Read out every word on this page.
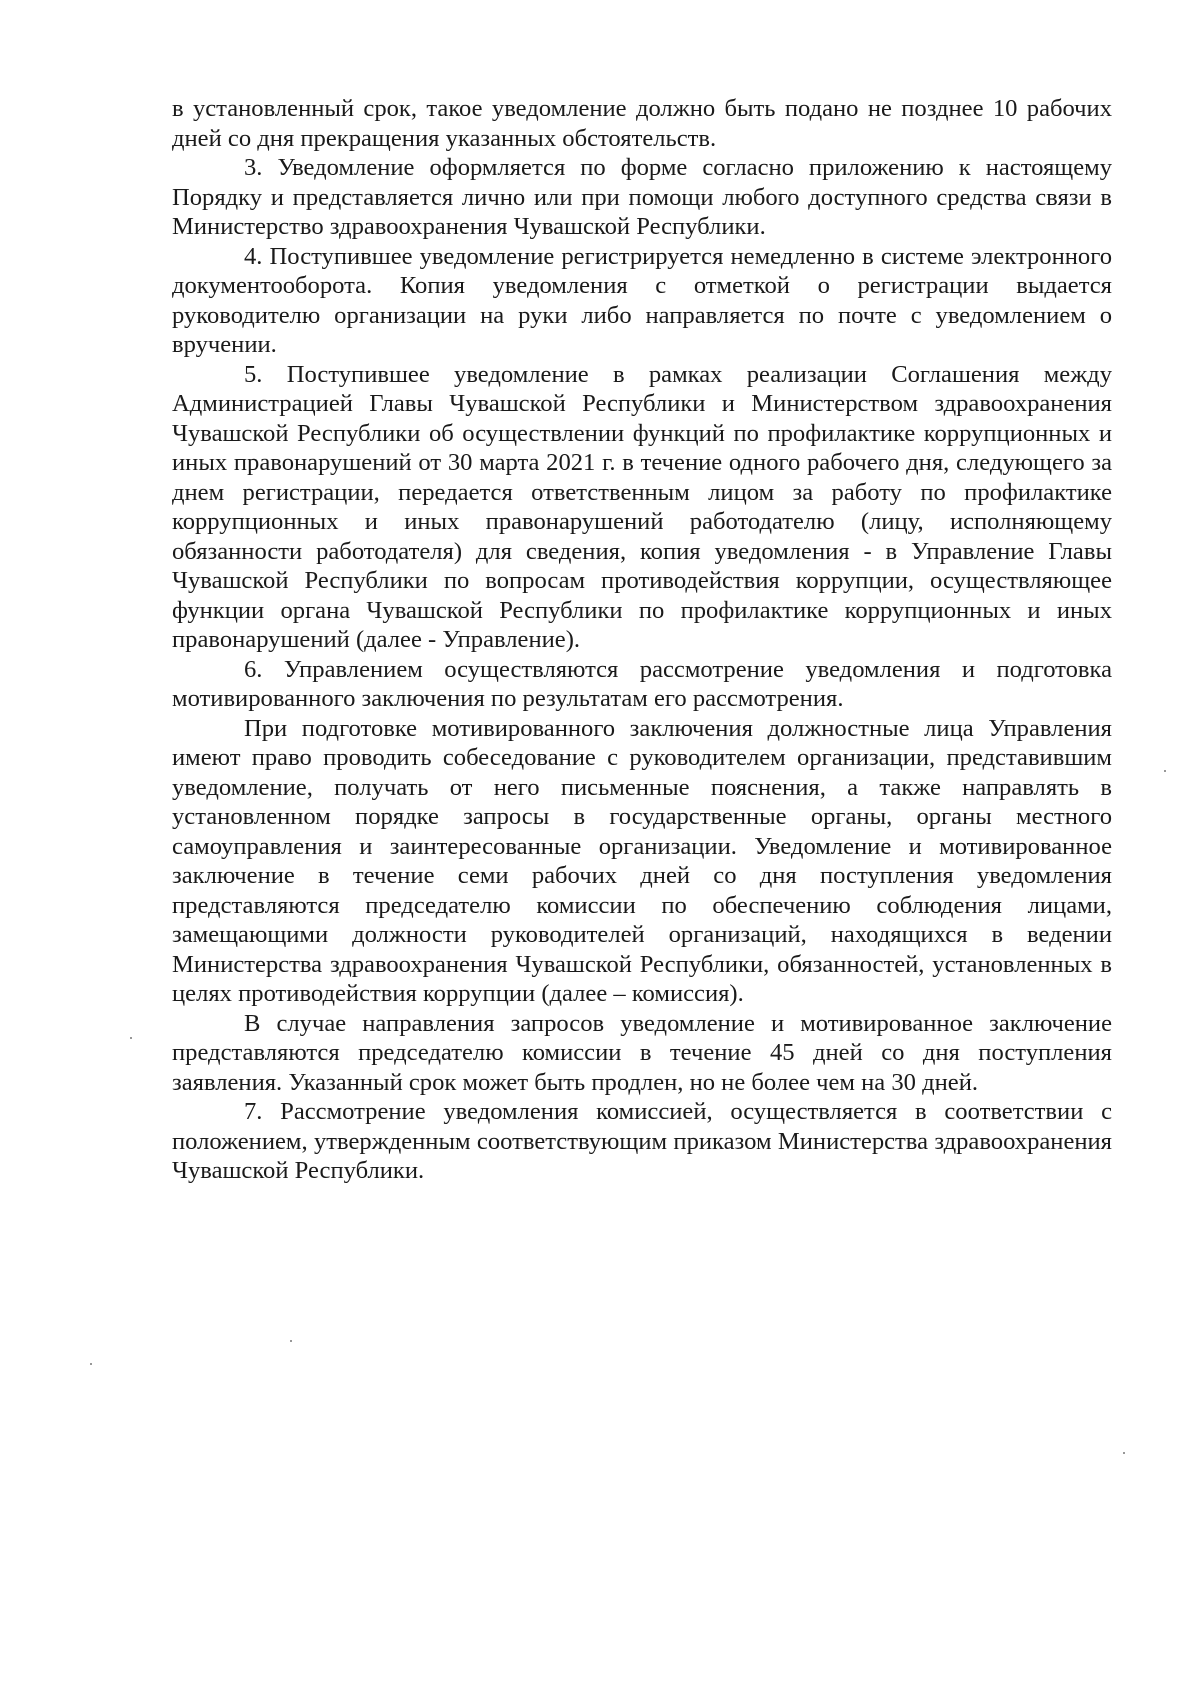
в установленный срок, такое уведомление должно быть подано не позднее 10 рабочих дней со дня прекращения указанных обстоятельств.

3. Уведомление оформляется по форме согласно приложению к настоящему Порядку и представляется лично или при помощи любого доступного средства связи в Министерство здравоохранения Чувашской Республики.

4. Поступившее уведомление регистрируется немедленно в системе электронного документооборота. Копия уведомления с отметкой о регистрации выдается руководителю организации на руки либо направляется по почте с уведомлением о вручении.

5. Поступившее уведомление в рамках реализации Соглашения между Администрацией Главы Чувашской Республики и Министерством здравоохранения Чувашской Республики об осуществлении функций по профилактике коррупционных и иных правонарушений от 30 марта 2021 г. в течение одного рабочего дня, следующего за днем регистрации, передается ответственным лицом за работу по профилактике коррупционных и иных правонарушений работодателю (лицу, исполняющему обязанности работодателя) для сведения, копия уведомления - в Управление Главы Чувашской Республики по вопросам противодействия коррупции, осуществляющее функции органа Чувашской Республики по профилактике коррупционных и иных правонарушений (далее - Управление).

6. Управлением осуществляются рассмотрение уведомления и подготовка мотивированного заключения по результатам его рассмотрения.

При подготовке мотивированного заключения должностные лица Управления имеют право проводить собеседование с руководителем организации, представившим уведомление, получать от него письменные пояснения, а также направлять в установленном порядке запросы в государственные органы, органы местного самоуправления и заинтересованные организации. Уведомление и мотивированное заключение в течение семи рабочих дней со дня поступления уведомления представляются председателю комиссии по обеспечению соблюдения лицами, замещающими должности руководителей организаций, находящихся в ведении Министерства здравоохранения Чувашской Республики, обязанностей, установленных в целях противодействия коррупции (далее – комиссия).

В случае направления запросов уведомление и мотивированное заключение представляются председателю комиссии в течение 45 дней со дня поступления заявления. Указанный срок может быть продлен, но не более чем на 30 дней.

7. Рассмотрение уведомления комиссией, осуществляется в соответствии с положением, утвержденным соответствующим приказом Министерства здравоохранения Чувашской Республики.
